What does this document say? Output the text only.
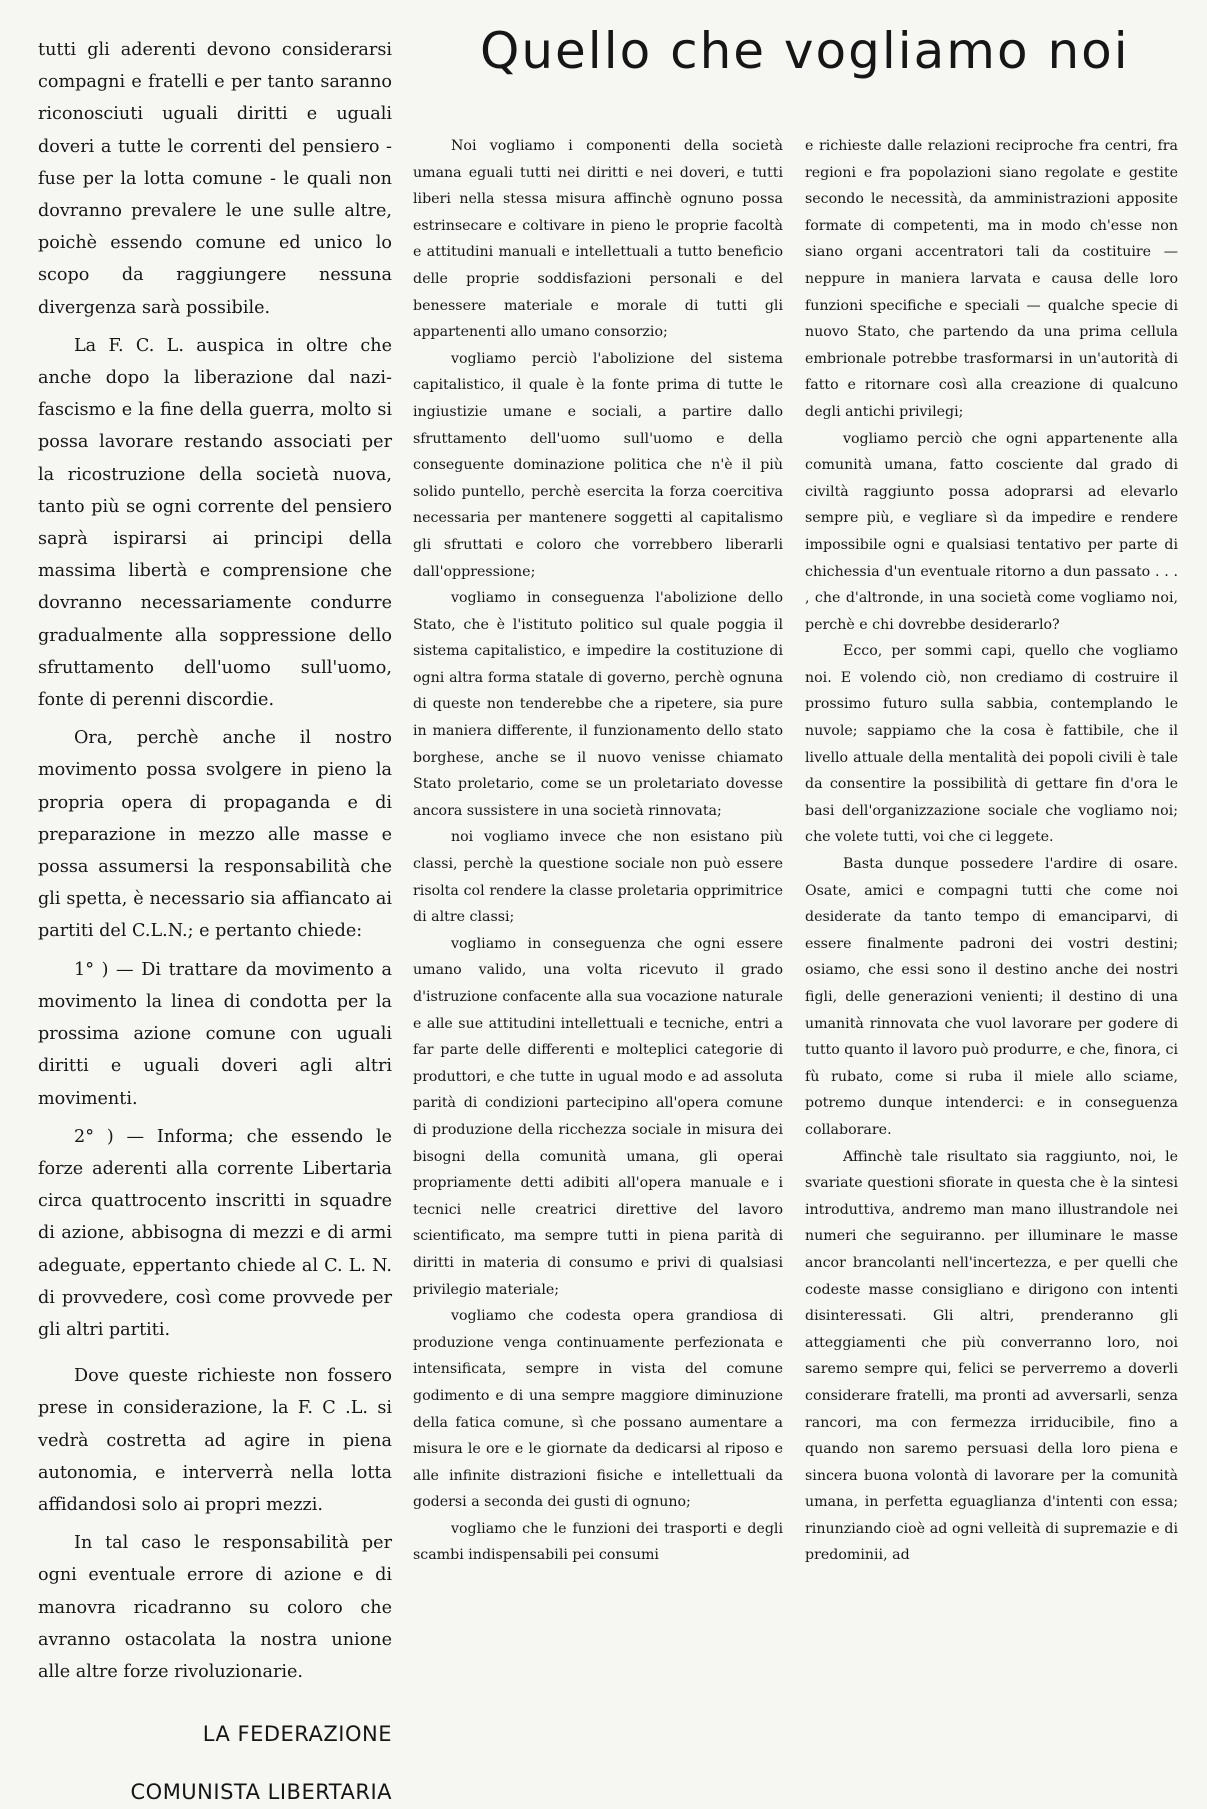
Quello che vogliamo noi

tutti gli aderenti devono considerarsi compagni e fratelli e per tanto saranno riconosciuti uguali diritti e uguali doveri a tutte le correnti del pensiero - fuse per la lotta comune - le quali non dovranno prevalere le une sulle altre, poichè essendo comune ed unico lo scopo da raggiungere nessuna divergenza sarà possibile.

La F. C. L. auspica in oltre che anche dopo la liberazione dal nazi-fascismo e la fine della guerra, molto si possa lavorare restando associati per la ricostruzione della società nuova, tanto più se ogni corrente del pensiero saprà ispirarsi ai principi della massima libertà e comprensione che dovranno necessariamente condurre gradualmente alla soppressione dello sfruttamento dell'uomo sull'uomo, fonte di perenni discordie.

Ora, perchè anche il nostro movimento possa svolgere in pieno la propria opera di propaganda e di preparazione in mezzo alle masse e possa assumersi la responsabilità che gli spetta, è necessario sia affiancato ai partiti del C.L.N.; e pertanto chiede:

1° ) — Di trattare da movimento a movimento la linea di condotta per la prossima azione comune con uguali diritti e uguali doveri agli altri movimenti.

2° ) — Informa; che essendo le forze aderenti alla corrente Libertaria circa quattrocento inscritti in squadre di azione, abbisogna di mezzi e di armi adeguate, eppertanto chiede al C. L. N. di provvedere, così come provvede per gli altri partiti.

Dove queste richieste non fossero prese in considerazione, la F. C .L. si vedrà costretta ad agire in piena autonomia, e interverrà nella lotta affidandosi solo ai propri mezzi.

In tal caso le responsabilità per ogni eventuale errore di azione e di manovra ricadranno su coloro che avranno ostacolata la nostra unione alle altre forze rivoluzionarie.

LA FEDERAZIONE
COMUNISTA LIBERTARIA

Noi vogliamo i componenti della società umana eguali tutti nei diritti e nei doveri, e tutti liberi nella stessa misura affinchè ognuno possa estrinsecare e coltivare in pieno le proprie facoltà e attitudini manuali e intellettuali a tutto beneficio delle proprie soddisfazioni personali e del benessere materiale e morale di tutti gli appartenenti allo umano consorzio;

vogliamo perciò l'abolizione del sistema capitalistico, il quale è la fonte prima di tutte le ingiustizie umane e sociali, a partire dallo sfruttamento dell'uomo sull'uomo e della conseguente dominazione politica che n'è il più solido puntello, perchè esercita la forza coercitiva necessaria per mantenere soggetti al capitalismo gli sfruttati e coloro che vorrebbero liberarli dall'oppressione;

vogliamo in conseguenza l'abolizione dello Stato, che è l'istituto politico sul quale poggia il sistema capitalistico, e impedire la costituzione di ogni altra forma statale di governo, perchè ognuna di queste non tenderebbe che a ripetere, sia pure in maniera differente, il funzionamento dello stato borghese, anche se il nuovo venisse chiamato Stato proletario, come se un proletariato dovesse ancora sussistere in una società rinnovata;

noi vogliamo invece che non esistano più classi, perchè la questione sociale non può essere risolta col rendere la classe proletaria opprimitrice di altre classi;

vogliamo in conseguenza che ogni essere umano valido, una volta ricevuto il grado d'istruzione confacente alla sua vocazione naturale e alle sue attitudini intellettuali e tecniche, entri a far parte delle differenti e molteplici categorie di produttori, e che tutte in ugual modo e ad assoluta parità di condizioni partecipino all'opera comune di produzione della ricchezza sociale in misura dei bisogni della comunità umana, gli operai propriamente detti adibiti all'opera manuale e i tecnici nelle creatrici direttive del lavoro scientificato, ma sempre tutti in piena parità di diritti in materia di consumo e privi di qualsiasi privilegio materiale;

vogliamo che codesta opera grandiosa di produzione venga continuamente perfezionata e intensificata, sempre in vista del comune godimento e di una sempre maggiore diminuzione della fatica comune, sì che possano aumentare a misura le ore e le giornate da dedicarsi al riposo e alle infinite distrazioni fisiche e intellettuali da godersi a seconda dei gusti di ognuno;

vogliamo che le funzioni dei trasporti e degli scambi indispensabili pei consumi

e richieste dalle relazioni reciproche fra centri, fra regioni e fra popolazioni siano regolate e gestite secondo le necessità, da amministrazioni apposite formate di competenti, ma in modo ch'esse non siano organi accentratori tali da costituire — neppure in maniera larvata e causa delle loro funzioni specifiche e speciali — qualche specie di nuovo Stato, che partendo da una prima cellula embrionale potrebbe trasformarsi in un'autorità di fatto e ritornare così alla creazione di qualcuno degli antichi privilegi;

vogliamo perciò che ogni appartenente alla comunità umana, fatto cosciente dal grado di civiltà raggiunto possa adoprarsi ad elevarlo sempre più, e vegliare sì da impedire e rendere impossibile ogni e qualsiasi tentativo per parte di chichessia d'un eventuale ritorno a dun passato . . . , che d'altronde, in una società come vogliamo noi, perchè e chi dovrebbe desiderarlo?

Ecco, per sommi capi, quello che vogliamo noi. E volendo ciò, non crediamo di costruire il prossimo futuro sulla sabbia, contemplando le nuvole; sappiamo che la cosa è fattibile, che il livello attuale della mentalità dei popoli civili è tale da consentire la possibilità di gettare fin d'ora le basi dell'organizzazione sociale che vogliamo noi; che volete tutti, voi che ci leggete.

Basta dunque possedere l'ardire di osare. Osate, amici e compagni tutti che come noi desiderate da tanto tempo di emanciparvi, di essere finalmente padroni dei vostri destini; osiamo, che essi sono il destino anche dei nostri figli, delle generazioni venienti; il destino di una umanità rinnovata che vuol lavorare per godere di tutto quanto il lavoro può produrre, e che, finora, ci fù rubato, come si ruba il miele allo sciame, potremo dunque intenderci: e in conseguenza collaborare.

Affinchè tale risultato sia raggiunto, noi, le svariate questioni sfiorate in questa che è la sintesi introduttiva, andremo man mano illustrandole nei numeri che seguiranno. per illuminare le masse ancor brancolanti nell'incertezza, e per quelli che codeste masse consigliano e dirigono con intenti disinteressati. Gli altri, prenderanno gli atteggiamenti che più converranno loro, noi saremo sempre qui, felici se perverremo a doverli considerare fratelli, ma pronti ad avversarli, senza rancori, ma con fermezza irriducibile, fino a quando non saremo persuasi della loro piena e sincera buona volontà di lavorare per la comunità umana, in perfetta eguaglianza d'intenti con essa; rinunziando cioè ad ogni velleità di supremazie e di predominii, ad
